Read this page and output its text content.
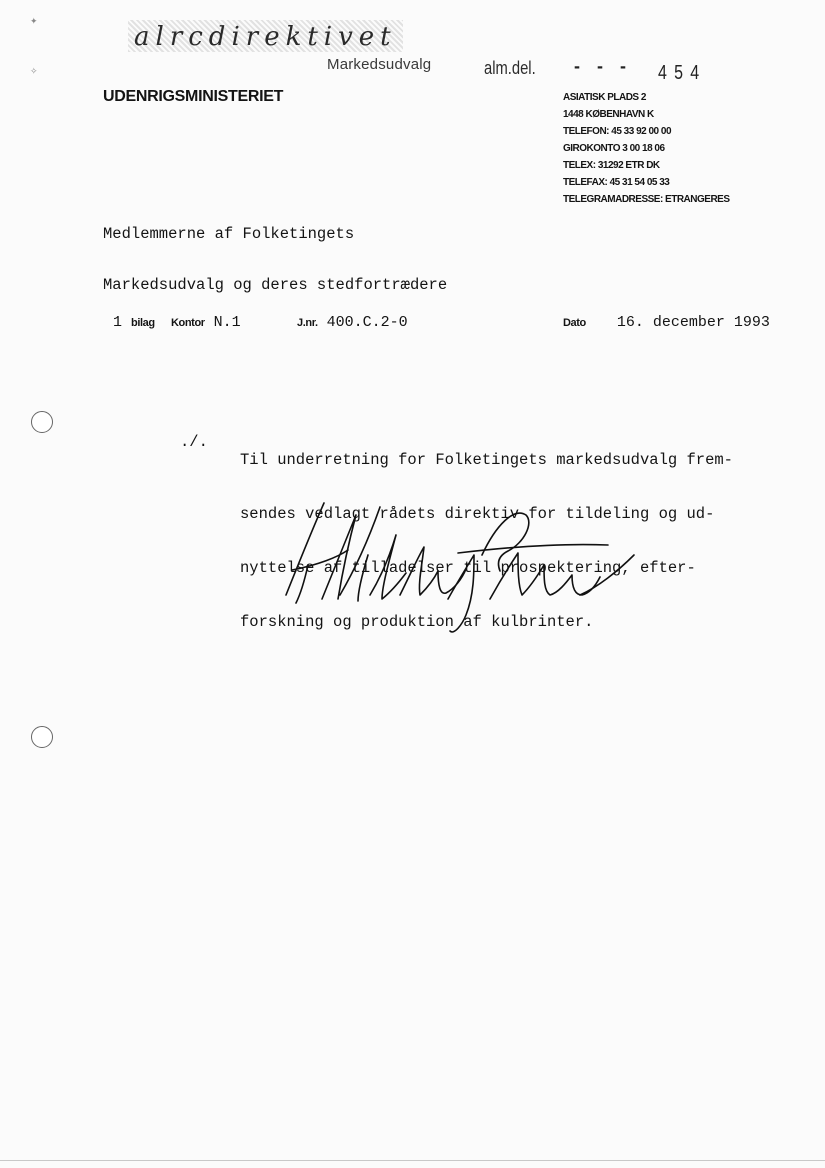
alrcdirektivet
Markedsudvalg	alm.del. - - - 454
UDENRIGSMINISTERIET	ASIATISK PLADS 2
1448 KØBENHAVN K
TELEFON: 45 33 92 00 00
GIROKONTO 3 00 18 06
TELEX: 31292 ETR DK
TELEFAX: 45 31 54 05 33
TELEGRAMADRESSE: ETRANGERES

Medlemmerne af Folketingets

Markedsudvalg og deres stedfortrædere

1 bilag Kontor N.1	J.nr. 400.C.2-0	Dato 16. december 1993
./.

Til underretning for Folketingets markedsudvalg frem-

sendes vedlagt rådets direktiv for tildeling og ud-

nyttelse af tilladelser til prospektering, efter-

forskning og produktion af kulbrinter.

✦
✧
